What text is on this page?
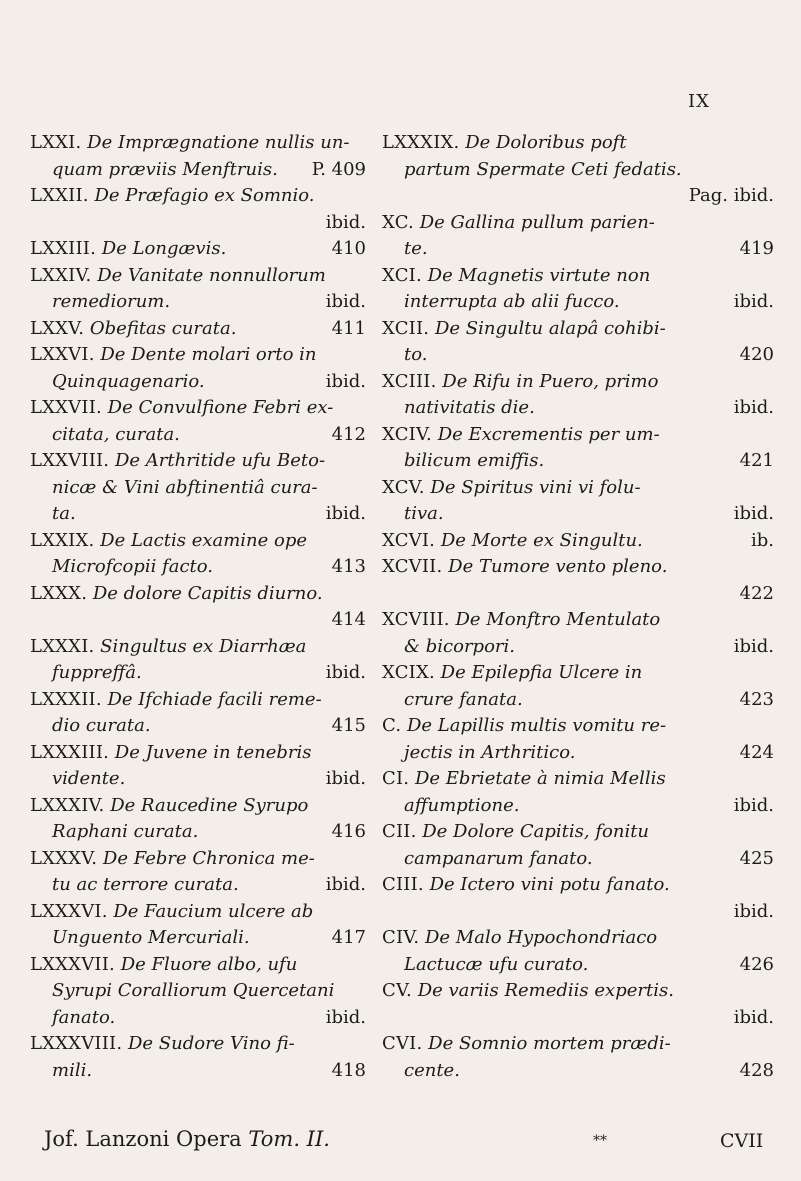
IX
LXXI. De Imprægnatione nullis un-
quam præviis Menftruis. P. 409
LXXII. De Præfagio ex Somnio.
ibid.
LXXIII. De Longævis.	410
LXXIV. De Vanitate nonnullorum
remediorum.	ibid.
LXXV. Obefitas curata.	411
LXXVI. De Dente molari orto in
Quinquagenario.	ibid.
LXXVII. De Convulfione Febri ex-
citata, curata.	412
LXXVIII. De Arthritide ufu Beto-
nicæ & Vini abftinentiâ cura-
ta.	ibid.
LXXIX. De Lactis examine ope
Microfcopii facto.	413
LXXX. De dolore Capitis diurno.
414
LXXXI. Singultus ex Diarrhæa
fuppreffâ.	ibid.
LXXXII. De Ifchiade facili reme-
dio curata.	415
LXXXIII. De Juvene in tenebris
vidente.	ibid.
LXXXIV. De Raucedine Syrupo
Raphani curata.	416
LXXXV. De Febre Chronica me-
tu ac terrore curata.	ibid.
LXXXVI. De Faucium ulcere ab
Unguento Mercuriali.	417
LXXXVII. De Fluore albo, ufu
Syrupi Coralliorum Quercetani
fanato.	ibid.
LXXXVIII. De Sudore Vino fi-
mili.	418
LXXXIX. De Doloribus poft
partum Spermate Ceti fedatis.
Pag. ibid.
XC. De Gallina pullum parien-
te.	419
XCI. De Magnetis virtute non
interrupta ab alii fucco.	ibid.
XCII. De Singultu alapâ cohibi-
to.	420
XCIII. De Rifu in Puero, primo
nativitatis die.	ibid.
XCIV. De Excrementis per um-
bilicum emiffis.	421
XCV. De Spiritus vini vi folu-
tiva.	ibid.
XCVI. De Morte ex Singultu.	ib.
XCVII. De Tumore vento pleno.
422
XCVIII. De Monftro Mentulato
& bicorpori.	ibid.
XCIX. De Epilepfia Ulcere in
crure fanata.	423
C. De Lapillis multis vomitu re-
jectis in Arthritico.	424
CI. De Ebrietate à nimia Mellis
affumptione.	ibid.
CII. De Dolore Capitis, fonitu
campanarum fanato.	425
CIII. De Ictero vini potu fanato.
ibid.
CIV. De Malo Hypochondriaco
Lactucæ ufu curato.	426
CV. De variis Remediis expertis.
ibid.
CVI. De Somnio mortem prædi-
cente.	428
Jof. Lanzoni Opera Tom. II.	**	CVII
